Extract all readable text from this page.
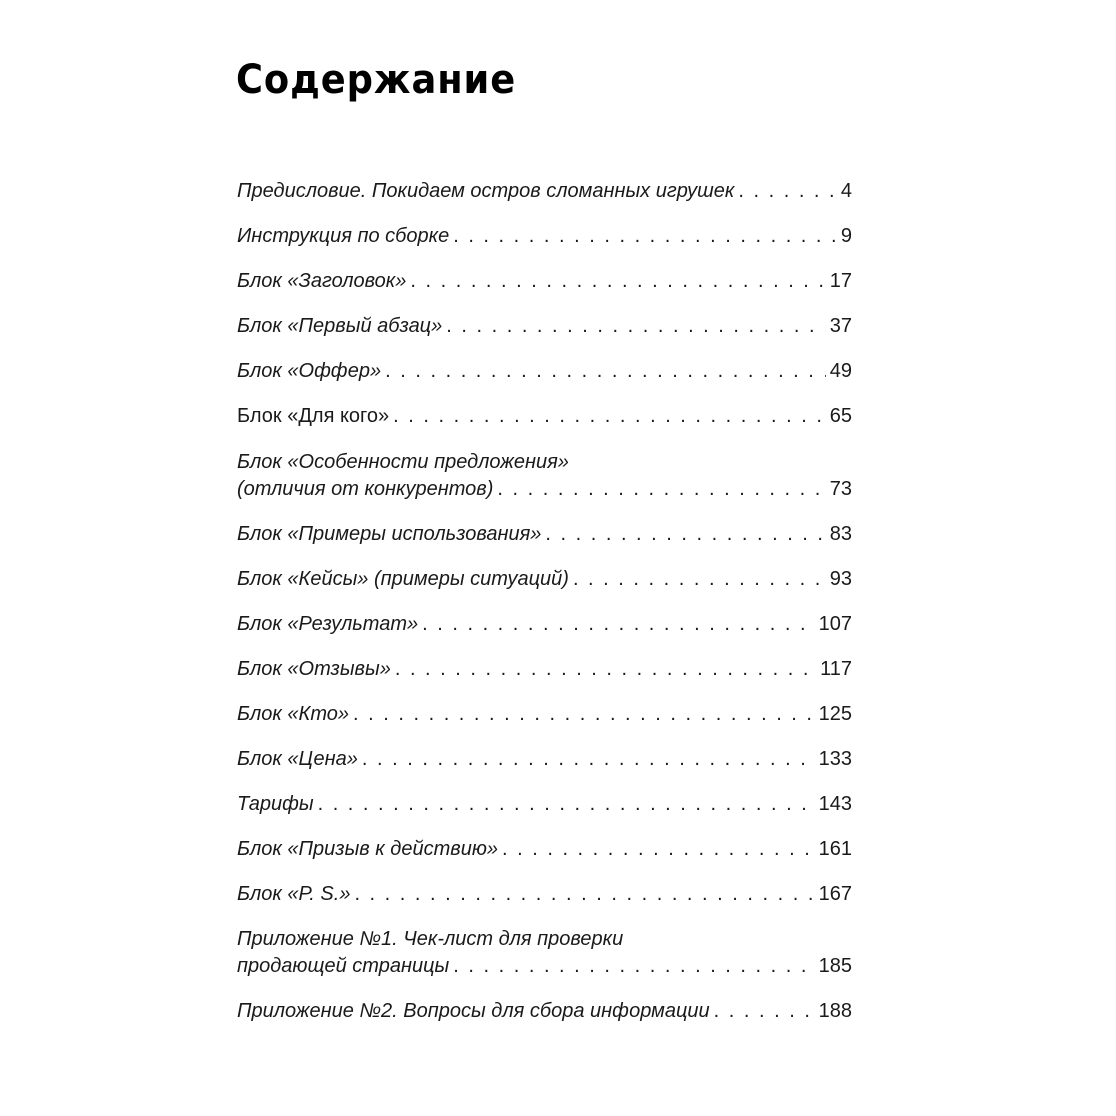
Содержание
Предисловие. Покидаем остров сломанных игрушек . . .	4
Инструкция по сборке . . .	9
Блок «Заголовок» . . .	17
Блок «Первый абзац» . . .	37
Блок «Оффер» . . .	49
Блок «Для кого» . . .	65
Блок «Особенности предложения»
(отличия от конкурентов) . . .	73
Блок «Примеры использования» . . .	83
Блок «Кейсы» (примеры ситуаций) . . .	93
Блок «Результат» . . .	107
Блок «Отзывы» . . .	117
Блок «Кто» . . .	125
Блок «Цена» . . .	133
Тарифы . . .	143
Блок «Призыв к действию» . . .	161
Блок «P. S.» . . .	167
Приложение №1. Чек-лист для проверки
продающей страницы . . .	185
Приложение №2. Вопросы для сбора информации . . .	188
